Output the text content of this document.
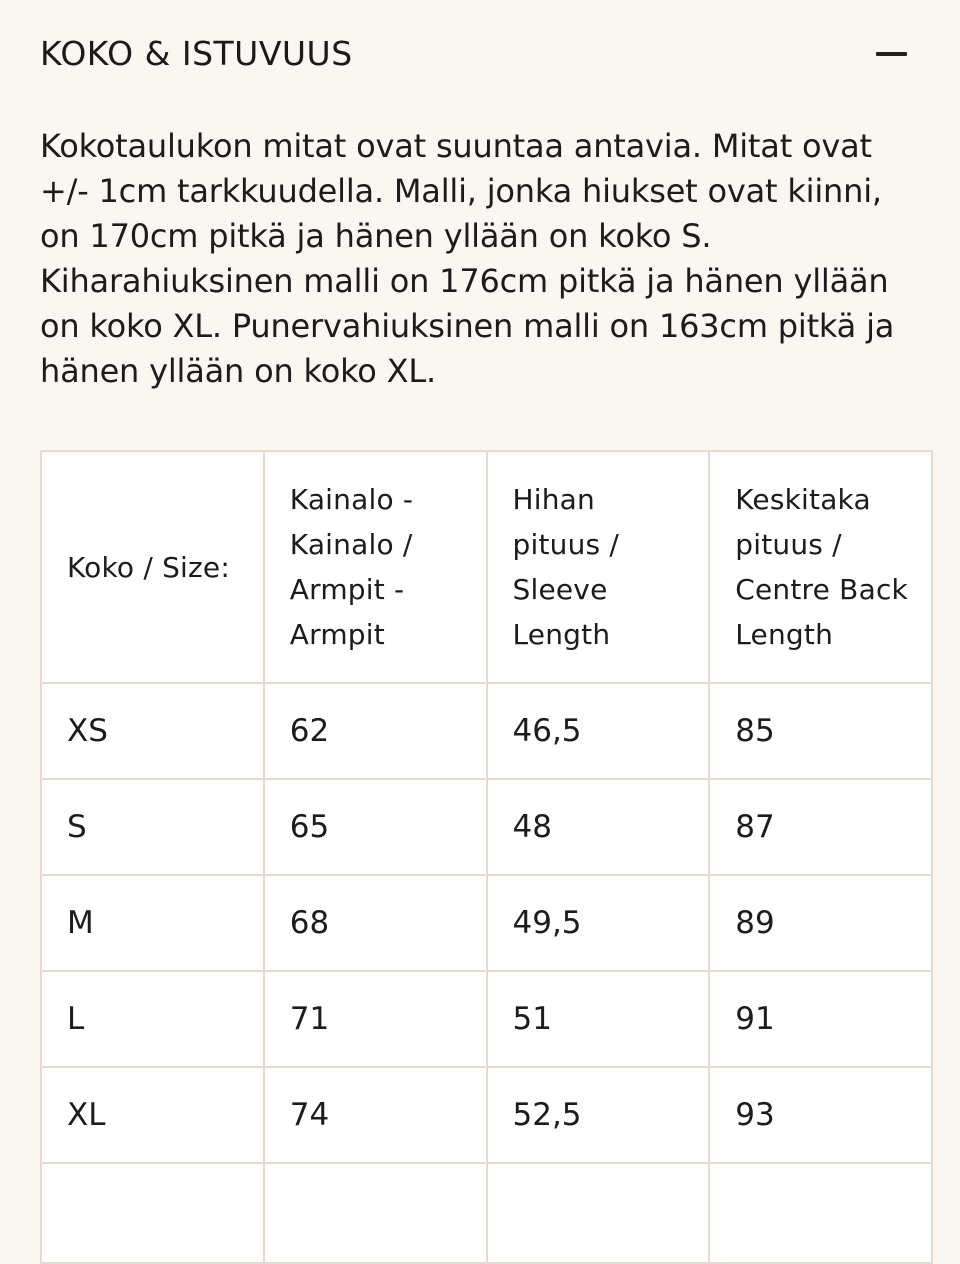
KOKO & ISTUVUUS

Kokotaulukon mitat ovat suuntaa antavia. Mitat ovat +/- 1cm tarkkuudella. Malli, jonka hiukset ovat kiinni, on 170cm pitkä ja hänen yllään on koko S. Kiharahiuksinen malli on 176cm pitkä ja hänen yllään on koko XL. Punervahiuksinen malli on 163cm pitkä ja hänen yllään on koko XL.

Koko / Size:	Kainalo - Kainalo / Armpit - Armpit	Hihan pituus / Sleeve Length	Keskitaka pituus / Centre Back Length
XS	62	46,5	85
S	65	48	87
M	68	49,5	89
L	71	51	91
XL	74	52,5	93
